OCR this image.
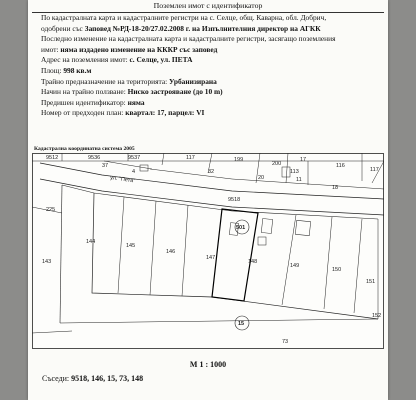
Поземлен имот с идентификатор
По кадастралната карта и кадастралните регистри на с. Селце, общ. Каварна, обл. Добрич,
одобрени със Заповед №РД-18-20/27.02.2008 г. на Изпълнителния директор на АГКК
Последно изменение на кадастралната карта и кадастралните регистри, засягащо поземления
имот: няма издадено изменение на КККР със заповед
Адрес на поземления имот: с. Селце, ул. ПЕТА
Площ: 998 кв.м
Трайно предназначение на територията: Урбанизирана
Начин на трайно ползване: Ниско застрояване (до 10 m)
Предишен идентификатор: няма
Номер от предходен план: квартал: 17, парцел: VI
Кадастрална координатна система 2005
9512	9536	9537	117	199
200
17
116
117
ул. "Пета"
9518
225
143
144
145
146
147
148
149
150
151
152
73
37
4	32
20
18
113
11
501
15
М 1 : 1000
Съседи: 9518, 146, 15, 73, 148
